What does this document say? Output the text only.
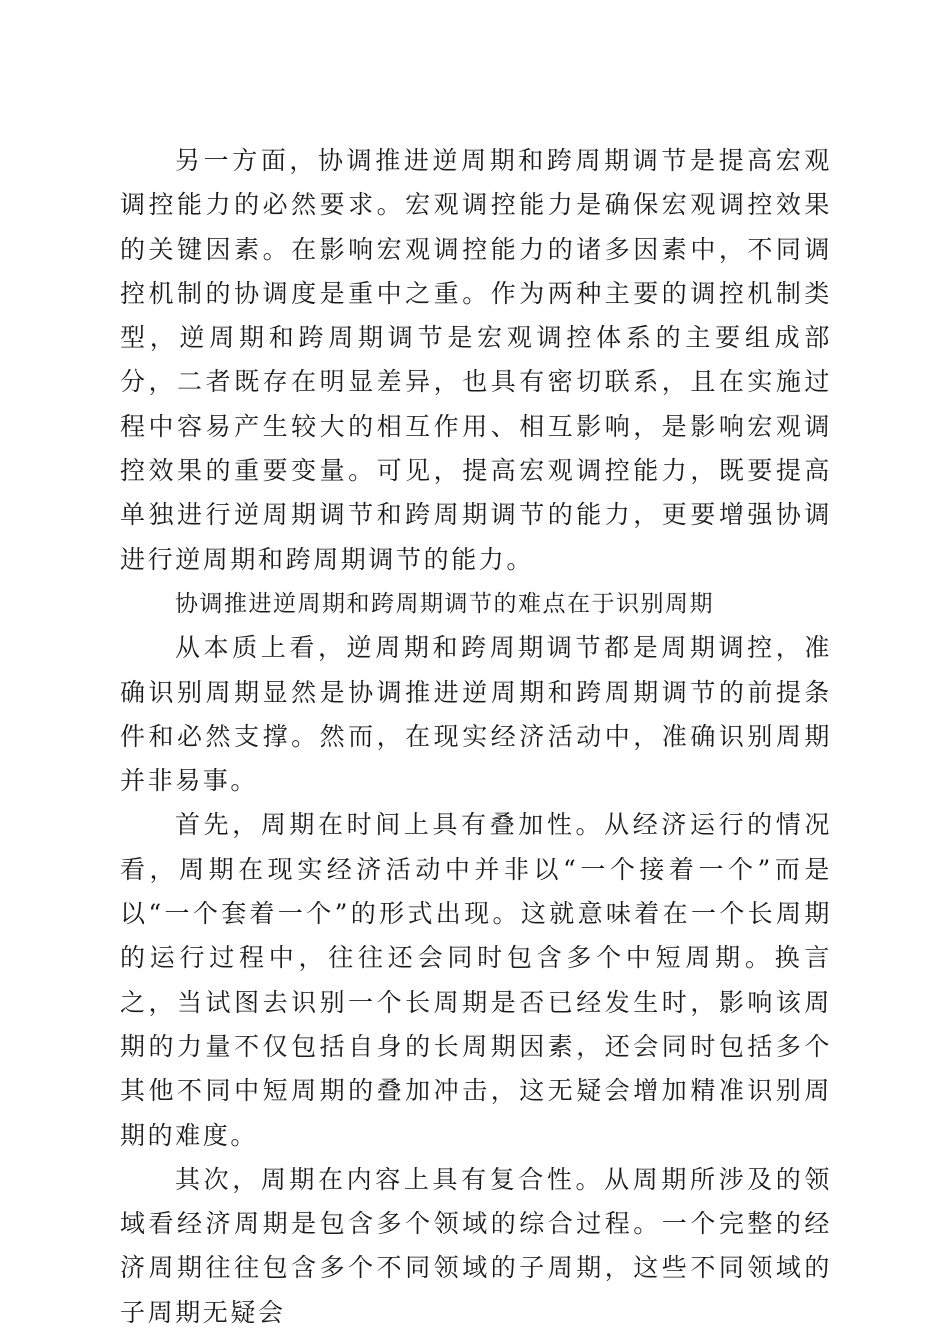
另一方面，协调推进逆周期和跨周期调节是提高宏观调控能力的必然要求。宏观调控能力是确保宏观调控效果的关键因素。在影响宏观调控能力的诸多因素中，不同调控机制的协调度是重中之重。作为两种主要的调控机制类型，逆周期和跨周期调节是宏观调控体系的主要组成部分，二者既存在明显差异，也具有密切联系，且在实施过程中容易产生较大的相互作用、相互影响，是影响宏观调控效果的重要变量。可见，提高宏观调控能力，既要提高单独进行逆周期调节和跨周期调节的能力，更要增强协调进行逆周期和跨周期调节的能力。

协调推进逆周期和跨周期调节的难点在于识别周期

从本质上看，逆周期和跨周期调节都是周期调控，准确识别周期显然是协调推进逆周期和跨周期调节的前提条件和必然支撑。然而，在现实经济活动中，准确识别周期并非易事。

首先，周期在时间上具有叠加性。从经济运行的情况看，周期在现实经济活动中并非以“一个接着一个”而是以“一个套着一个”的形式出现。这就意味着在一个长周期的运行过程中，往往还会同时包含多个中短周期。换言之，当试图去识别一个长周期是否已经发生时，影响该周期的力量不仅包括自身的长周期因素，还会同时包括多个其他不同中短周期的叠加冲击，这无疑会增加精准识别周期的难度。

其次，周期在内容上具有复合性。从周期所涉及的领域看经济周期是包含多个领域的综合过程。一个完整的经济周期往往包含多个不同领域的子周期，这些不同领域的子周期无疑会
